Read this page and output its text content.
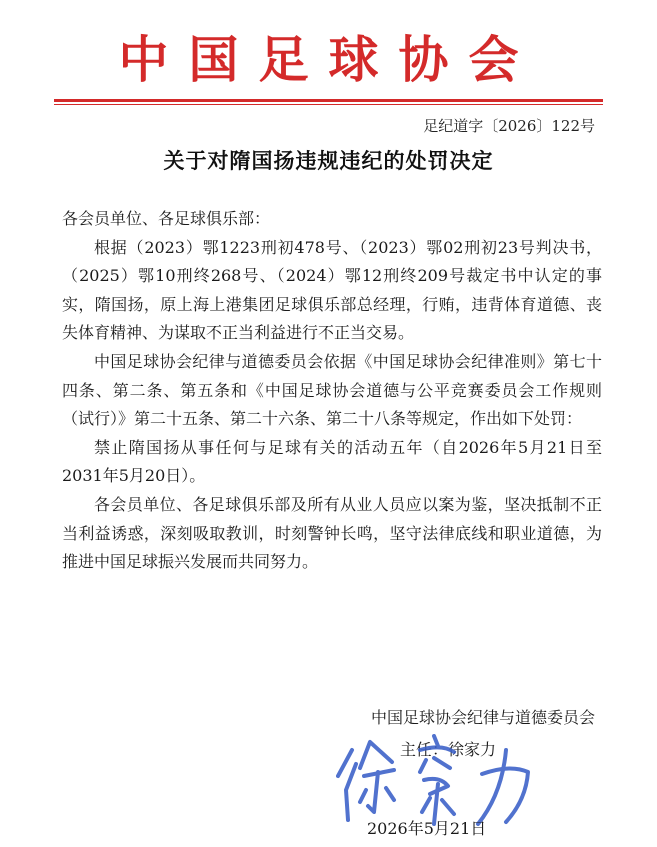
中国足球协会
足纪道字〔2026〕122号
关于对隋国扬违规违纪的处罚决定

各会员单位、各足球俱乐部：

根据（2023）鄂1223刑初478号、（2023）鄂02刑初23号判决书，（2025）鄂10刑终268号、（2024）鄂12刑终209号裁定书中认定的事实，隋国扬，原上海上港集团足球俱乐部总经理，行贿，违背体育道德、丧失体育精神、为谋取不正当利益进行不正当交易。

中国足球协会纪律与道德委员会依据《中国足球协会纪律准则》第七十四条、第二条、第五条和《中国足球协会道德与公平竞赛委员会工作规则（试行）》第二十五条、第二十六条、第二十八条等规定，作出如下处罚：

禁止隋国扬从事任何与足球有关的活动五年（自2026年5月21日至2031年5月20日）。

各会员单位、各足球俱乐部及所有从业人员应以案为鉴，坚决抵制不正当利益诱惑，深刻吸取教训，时刻警钟长鸣，坚守法律底线和职业道德，为推进中国足球振兴发展而共同努力。

中国足球协会纪律与道德委员会
主任：徐家力
2026年5月21日
